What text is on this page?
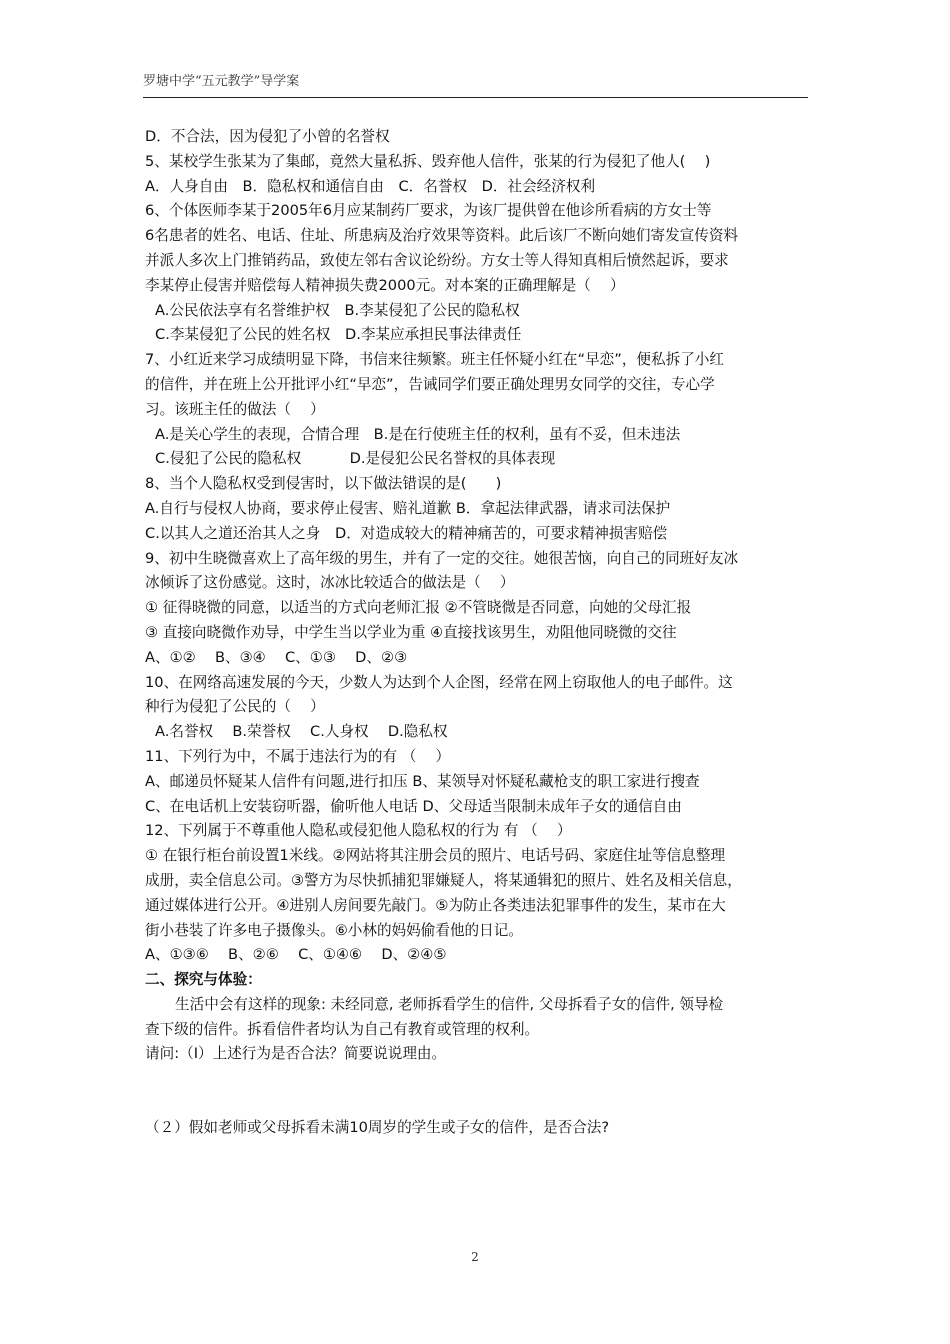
罗塘中学“五元教学”导学案
D．不合法，因为侵犯了小曾的名誉权
5、某校学生张某为了集邮，竟然大量私拆、毁弃他人信件，张某的行为侵犯了他人(　 )
A．人身自由　B．隐私权和通信自由　C．名誉权　D．社会经济权利
6、个体医师李某于2005年6月应某制药厂要求，为该厂提供曾在他诊所看病的方女士等
6名患者的姓名、电话、住址、所患病及治疗效果等资料。此后该厂不断向她们寄发宣传资料
并派人多次上门推销药品，致使左邻右舍议论纷纷。方女士等人得知真相后愤然起诉，要求
李某停止侵害并赔偿每人精神损失费2000元。对本案的正确理解是（　 ）
A.公民依法享有名誉维护权　B.李某侵犯了公民的隐私权
C.李某侵犯了公民的姓名权　D.李某应承担民事法律责任
7、小红近来学习成绩明显下降，书信来往频繁。班主任怀疑小红在“早恋”，便私拆了小红
的信件，并在班上公开批评小红“早恋”，告诫同学们要正确处理男女同学的交往，专心学
习。该班主任的做法（　 ）
A.是关心学生的表现，合情合理　B.是在行使班主任的权利，虽有不妥，但未违法
C.侵犯了公民的隐私权　　　 D.是侵犯公民名誉权的具体表现
8、当个人隐私权受到侵害时，以下做法错误的是(　　)
A.自行与侵权人协商，要求停止侵害、赔礼道歉 B．拿起法律武器，请求司法保护
C.以其人之道还治其人之身　D．对造成较大的精神痛苦的，可要求精神损害赔偿
9、初中生晓微喜欢上了高年级的男生，并有了一定的交往。她很苦恼，向自己的同班好友冰
冰倾诉了这份感觉。这时，冰冰比较适合的做法是（　 ）
① 征得晓微的同意，以适当的方式向老师汇报 ②不管晓微是否同意，向她的父母汇报
③ 直接向晓微作劝导，中学生当以学业为重 ④直接找该男生，劝阻他同晓微的交往
A、①②　 B、③④　 C、①③　 D、②③
10、在网络高速发展的今天，少数人为达到个人企图，经常在网上窃取他人的电子邮件。这
种行为侵犯了公民的（　 ）
A.名誉权　 B.荣誉权　 C.人身权　 D.隐私权
11、下列行为中，不属于违法行为的有 （　 ）
A、邮递员怀疑某人信件有问题,进行扣压 B、某领导对怀疑私藏枪支的职工家进行搜查
C、在电话机上安装窃听器，偷听他人电话 D、父母适当限制未成年子女的通信自由
12、下列属于不尊重他人隐私或侵犯他人隐私权的行为 有 （　 ）
① 在银行柜台前设置1米线。②网站将其注册会员的照片、电话号码、家庭住址等信息整理
成册，卖全信息公司。③警方为尽快抓捕犯罪嫌疑人，将某通辑犯的照片、姓名及相关信息，
通过媒体进行公开。④进别人房间要先敲门。⑤为防止各类违法犯罪事件的发生，某市在大
街小巷装了许多电子摄像头。⑥小林的妈妈偷看他的日记。
A、①③⑥　 B、②⑥　 C、①④⑥　 D、②④⑤
二、探究与体验：
生活中会有这样的现象: 未经同意, 老师拆看学生的信件, 父母拆看子女的信件, 领导检
查下级的信件。拆看信件者均认为自己有教育或管理的权利。
请问:（Ⅰ）上述行为是否合法？简要说说理由。
（２）假如老师或父母拆看未满10周岁的学生或子女的信件，是否合法?
2
